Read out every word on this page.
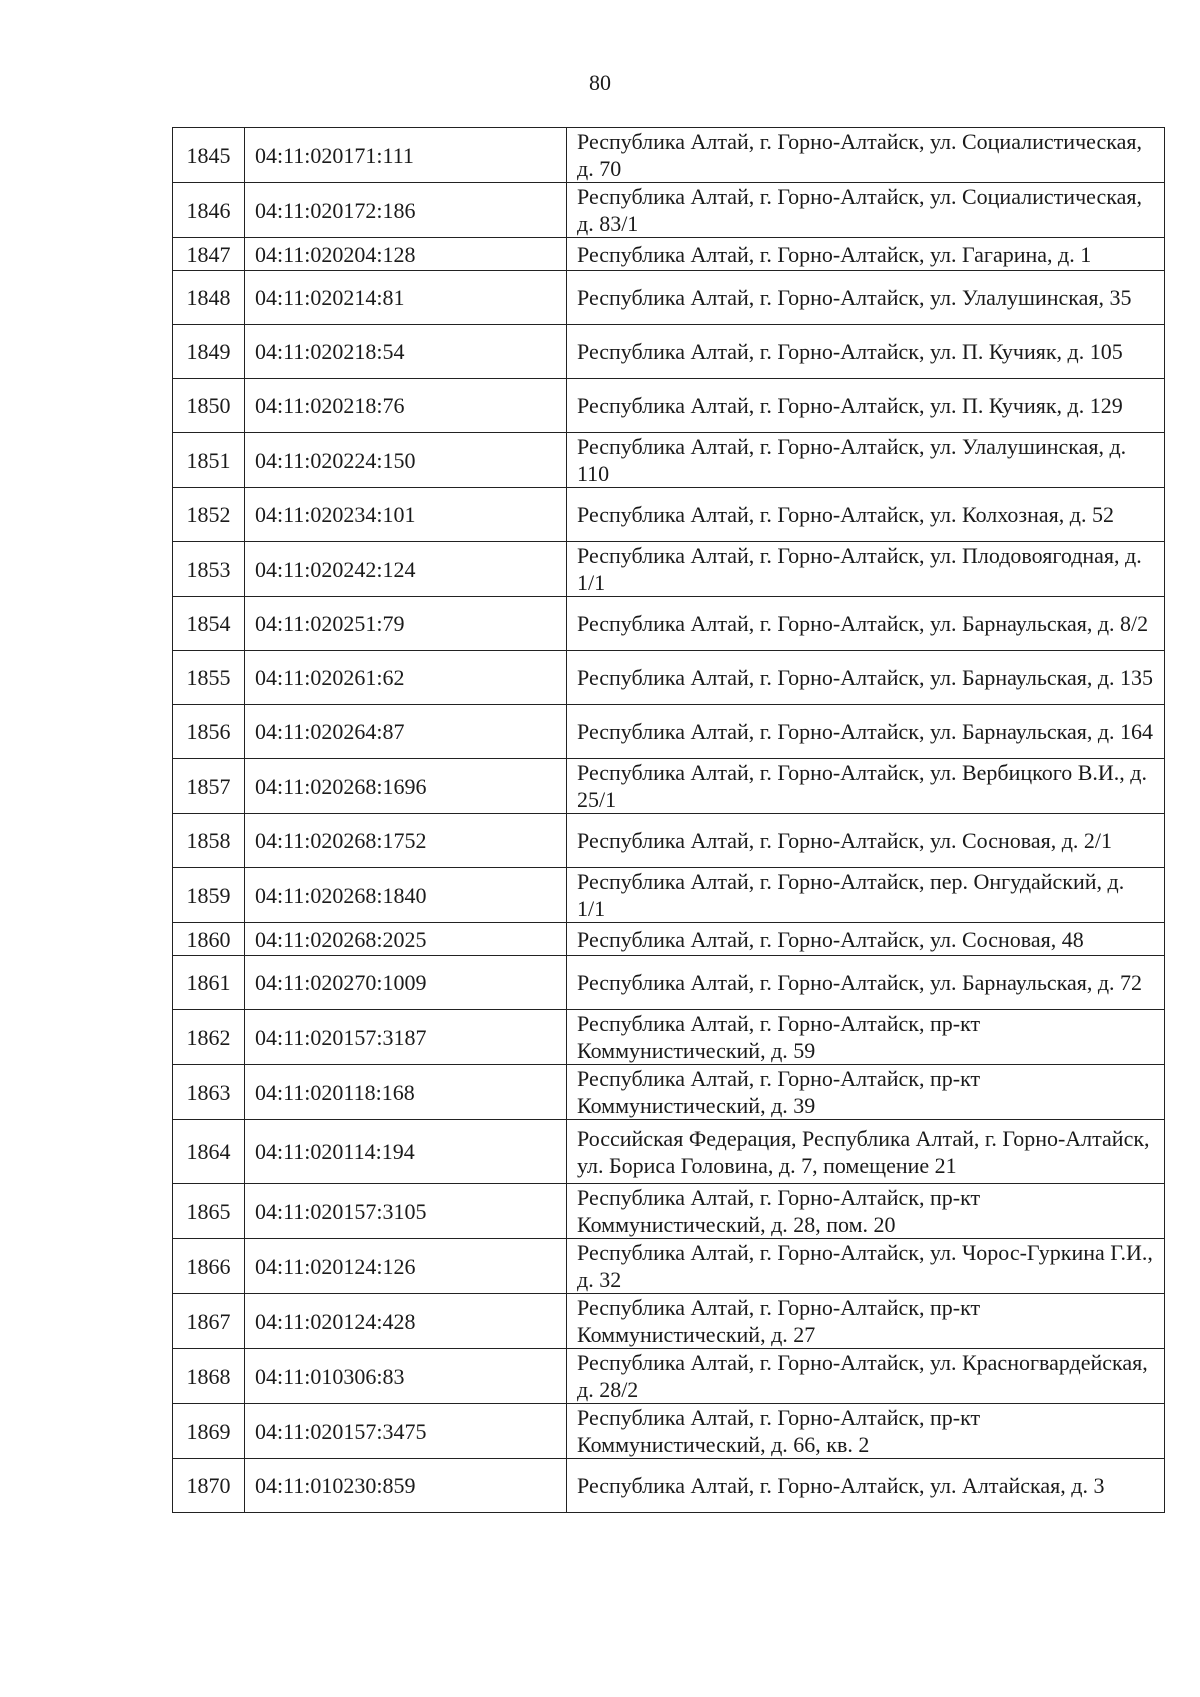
80
1845	04:11:020171:111	Республика Алтай, г. Горно-Алтайск, ул. Социалистическая, д. 70
1846	04:11:020172:186	Республика Алтай, г. Горно-Алтайск, ул. Социалистическая, д. 83/1
1847	04:11:020204:128	Республика Алтай, г. Горно-Алтайск, ул. Гагарина, д. 1
1848	04:11:020214:81	Республика Алтай, г. Горно-Алтайск, ул. Улалушинская, 35
1849	04:11:020218:54	Республика Алтай, г. Горно-Алтайск, ул. П. Кучияк, д. 105
1850	04:11:020218:76	Республика Алтай, г. Горно-Алтайск, ул. П. Кучияк, д. 129
1851	04:11:020224:150	Республика Алтай, г. Горно-Алтайск, ул. Улалушинская, д. 110
1852	04:11:020234:101	Республика Алтай, г. Горно-Алтайск, ул. Колхозная, д. 52
1853	04:11:020242:124	Республика Алтай, г. Горно-Алтайск, ул. Плодовоягодная, д. 1/1
1854	04:11:020251:79	Республика Алтай, г. Горно-Алтайск, ул. Барнаульская, д. 8/2
1855	04:11:020261:62	Республика Алтай, г. Горно-Алтайск, ул. Барнаульская, д. 135
1856	04:11:020264:87	Республика Алтай, г. Горно-Алтайск, ул. Барнаульская, д. 164
1857	04:11:020268:1696	Республика Алтай, г. Горно-Алтайск, ул. Вербицкого В.И., д. 25/1
1858	04:11:020268:1752	Республика Алтай, г. Горно-Алтайск, ул. Сосновая, д. 2/1
1859	04:11:020268:1840	Республика Алтай, г. Горно-Алтайск, пер. Онгудайский, д. 1/1
1860	04:11:020268:2025	Республика Алтай, г. Горно-Алтайск, ул. Сосновая, 48
1861	04:11:020270:1009	Республика Алтай, г. Горно-Алтайск, ул. Барнаульская, д. 72
1862	04:11:020157:3187	Республика Алтай, г. Горно-Алтайск, пр-кт Коммунистический, д. 59
1863	04:11:020118:168	Республика Алтай, г. Горно-Алтайск, пр-кт Коммунистический, д. 39
1864	04:11:020114:194	Российская Федерация, Республика Алтай, г. Горно-Алтайск, ул. Бориса Головина, д. 7, помещение 21
1865	04:11:020157:3105	Республика Алтай, г. Горно-Алтайск, пр-кт Коммунистический, д. 28, пом. 20
1866	04:11:020124:126	Республика Алтай, г. Горно-Алтайск, ул. Чорос-Гуркина Г.И., д. 32
1867	04:11:020124:428	Республика Алтай, г. Горно-Алтайск, пр-кт Коммунистический, д. 27
1868	04:11:010306:83	Республика Алтай, г. Горно-Алтайск, ул. Красногвардейская, д. 28/2
1869	04:11:020157:3475	Республика Алтай, г. Горно-Алтайск, пр-кт Коммунистический, д. 66, кв. 2
1870	04:11:010230:859	Республика Алтай, г. Горно-Алтайск, ул. Алтайская, д. 3
